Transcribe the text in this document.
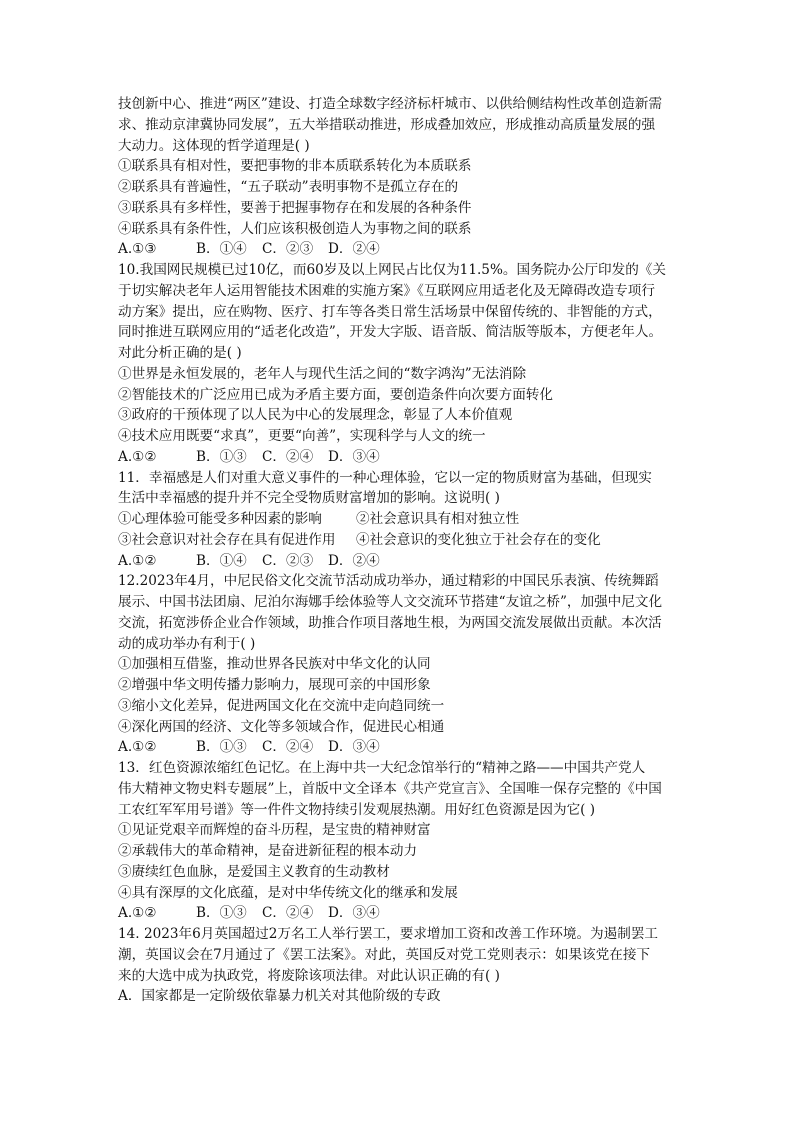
技创新中心、推进“两区”建设、打造全球数字经济标杆城市、以供给侧结构性改革创造新需
求、推动京津冀协同发展”，五大举措联动推进，形成叠加效应，形成推动高质量发展的强
大动力。这体现的哲学道理是( )
①联系具有相对性，要把事物的非本质联系转化为本质联系
②联系具有普遍性，“五子联动”表明事物不是孤立存在的
③联系具有多样性，要善于把握事物存在和发展的各种条件
④联系具有条件性，人们应该积极创造人为事物之间的联系
A.①③	B．①④ C．②③ D．②④
10.我国网民规模已过10亿，而60岁及以上网民占比仅为11.5%。国务院办公厅印发的《关
于切实解决老年人运用智能技术困难的实施方案》《互联网应用适老化及无障碍改造专项行
动方案》提出，应在购物、医疗、打车等各类日常生活场景中保留传统的、非智能的方式，
同时推进互联网应用的“适老化改造”，开发大字版、语音版、简洁版等版本，方便老年人。
对此分析正确的是( )
①世界是永恒发展的，老年人与现代生活之间的“数字鸿沟”无法消除
②智能技术的广泛应用已成为矛盾主要方面，要创造条件向次要方面转化
③政府的干预体现了以人民为中心的发展理念，彰显了人本价值观
④技术应用既要“求真”，更要“向善”，实现科学与人文的统一
A.①②	B．①③ C．②④ D．③④
11．幸福感是人们对重大意义事件的一种心理体验，它以一定的物质财富为基础，但现实
生活中幸福感的提升并不完全受物质财富增加的影响。这说明( )
①心理体验可能受多种因素的影响	②社会意识具有相对独立性
③社会意识对社会存在具有促进作用 ④社会意识的变化独立于社会存在的变化
A.①②	B．①④ C．②③ D．②④
12.2023年4月，中尼民俗文化交流节活动成功举办，通过精彩的中国民乐表演、传统舞蹈
展示、中国书法团扇、尼泊尔海娜手绘体验等人文交流环节搭建“友谊之桥”，加强中尼文化
交流，拓宽涉侨企业合作领域，助推合作项目落地生根，为两国交流发展做出贡献。本次活
动的成功举办有利于( )
①加强相互借鉴，推动世界各民族对中华文化的认同
②增强中华文明传播力影响力，展现可亲的中国形象
③缩小文化差异，促进两国文化在交流中走向趋同统一
④深化两国的经济、文化等多领域合作，促进民心相通
A.①②	B．①③ C．②④ D．③④
13．红色资源浓缩红色记忆。在上海中共一大纪念馆举行的“精神之路——中国共产党人
伟大精神文物史料专题展”上，首版中文全译本《共产党宣言》、全国唯一保存完整的《中国
工农红军军用号谱》等一件件文物持续引发观展热潮。用好红色资源是因为它( )
①见证党艰辛而辉煌的奋斗历程，是宝贵的精神财富
②承载伟大的革命精神，是奋进新征程的根本动力
③赓续红色血脉，是爱国主义教育的生动教材
④具有深厚的文化底蕴，是对中华传统文化的继承和发展
A.①②	B．①③ C．②④ D．③④
14. 2023年6月英国超过2万名工人举行罢工，要求增加工资和改善工作环境。为遏制罢工
潮，英国议会在7月通过了《罢工法案》。对此，英国反对党工党则表示：如果该党在接下
来的大选中成为执政党，将废除该项法律。对此认识正确的有( )
A．国家都是一定阶级依靠暴力机关对其他阶级的专政
